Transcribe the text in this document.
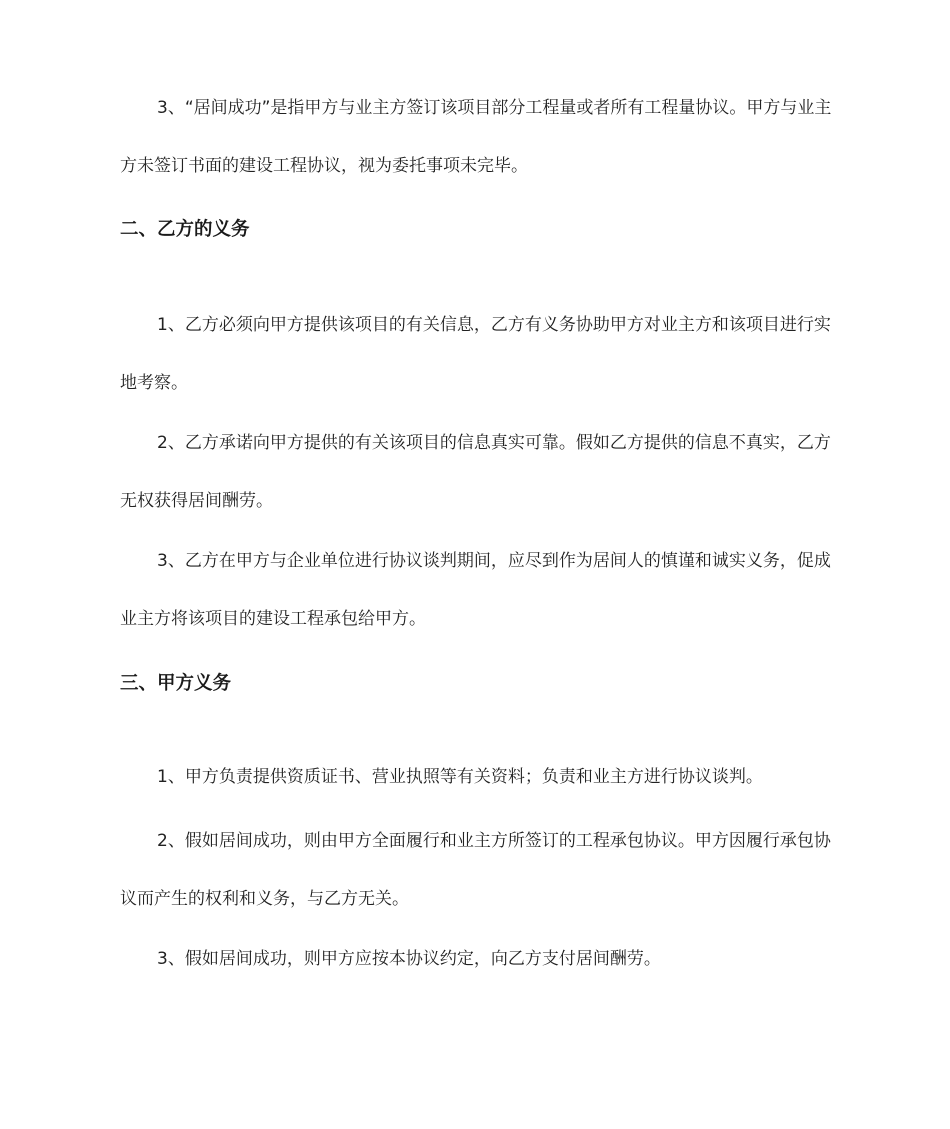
3、“居间成功”是指甲方与业主方签订该项目部分工程量或者所有工程量协议。甲方与业主方未签订书面的建设工程协议，视为委托事项未完毕。

二、乙方的义务

1、乙方必须向甲方提供该项目的有关信息，乙方有义务协助甲方对业主方和该项目进行实地考察。

2、乙方承诺向甲方提供的有关该项目的信息真实可靠。假如乙方提供的信息不真实，乙方无权获得居间酬劳。

3、乙方在甲方与企业单位进行协议谈判期间，应尽到作为居间人的慎谨和诚实义务，促成业主方将该项目的建设工程承包给甲方。

三、甲方义务

1、甲方负责提供资质证书、营业执照等有关资料；负责和业主方进行协议谈判。

2、假如居间成功，则由甲方全面履行和业主方所签订的工程承包协议。甲方因履行承包协议而产生的权利和义务，与乙方无关。

3、假如居间成功，则甲方应按本协议约定，向乙方支付居间酬劳。
